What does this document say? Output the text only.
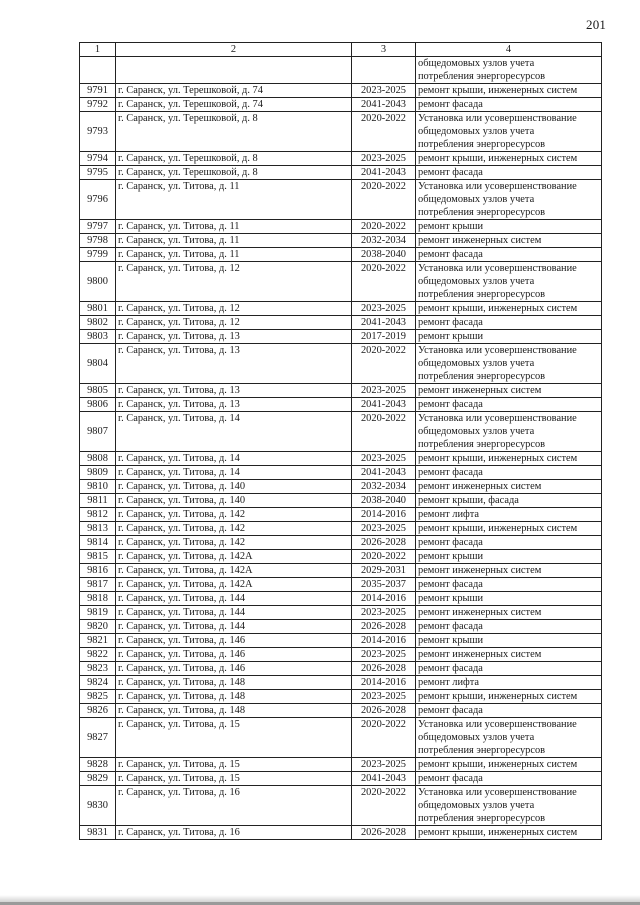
201
1	2	3	4

			общедомовых узлов учета
потребления энергоресурсов

9791	г. Саранск, ул. Терешковой, д. 74	2023-2025	ремонт крыши, инженерных систем

9792	г. Саранск, ул. Терешковой, д. 74	2041-2043	ремонт фасада

9793	г. Саранск, ул. Терешковой, д. 8	2020-2022	Установка или усовершенствование
общедомовых узлов учета
потребления энергоресурсов

9794	г. Саранск, ул. Терешковой, д. 8	2023-2025	ремонт крыши, инженерных систем

9795	г. Саранск, ул. Терешковой, д. 8	2041-2043	ремонт фасада

9796	г. Саранск, ул. Титова, д. 11	2020-2022	Установка или усовершенствование
общедомовых узлов учета
потребления энергоресурсов

9797	г. Саранск, ул. Титова, д. 11	2020-2022	ремонт крыши

9798	г. Саранск, ул. Титова, д. 11	2032-2034	ремонт инженерных систем

9799	г. Саранск, ул. Титова, д. 11	2038-2040	ремонт фасада

9800	г. Саранск, ул. Титова, д. 12	2020-2022	Установка или усовершенствование
общедомовых узлов учета
потребления энергоресурсов

9801	г. Саранск, ул. Титова, д. 12	2023-2025	ремонт крыши, инженерных систем

9802	г. Саранск, ул. Титова, д. 12	2041-2043	ремонт фасада

9803	г. Саранск, ул. Титова, д. 13	2017-2019	ремонт крыши

9804	г. Саранск, ул. Титова, д. 13	2020-2022	Установка или усовершенствование
общедомовых узлов учета
потребления энергоресурсов

9805	г. Саранск, ул. Титова, д. 13	2023-2025	ремонт инженерных систем

9806	г. Саранск, ул. Титова, д. 13	2041-2043	ремонт фасада

9807	г. Саранск, ул. Титова, д. 14	2020-2022	Установка или усовершенствование
общедомовых узлов учета
потребления энергоресурсов

9808	г. Саранск, ул. Титова, д. 14	2023-2025	ремонт крыши, инженерных систем

9809	г. Саранск, ул. Титова, д. 14	2041-2043	ремонт фасада

9810	г. Саранск, ул. Титова, д. 140	2032-2034	ремонт инженерных систем

9811	г. Саранск, ул. Титова, д. 140	2038-2040	ремонт крыши, фасада

9812	г. Саранск, ул. Титова, д. 142	2014-2016	ремонт лифта

9813	г. Саранск, ул. Титова, д. 142	2023-2025	ремонт крыши, инженерных систем

9814	г. Саранск, ул. Титова, д. 142	2026-2028	ремонт фасада

9815	г. Саранск, ул. Титова, д. 142А	2020-2022	ремонт крыши

9816	г. Саранск, ул. Титова, д. 142А	2029-2031	ремонт инженерных систем

9817	г. Саранск, ул. Титова, д. 142А	2035-2037	ремонт фасада

9818	г. Саранск, ул. Титова, д. 144	2014-2016	ремонт крыши

9819	г. Саранск, ул. Титова, д. 144	2023-2025	ремонт инженерных систем

9820	г. Саранск, ул. Титова, д. 144	2026-2028	ремонт фасада

9821	г. Саранск, ул. Титова, д. 146	2014-2016	ремонт крыши

9822	г. Саранск, ул. Титова, д. 146	2023-2025	ремонт инженерных систем

9823	г. Саранск, ул. Титова, д. 146	2026-2028	ремонт фасада

9824	г. Саранск, ул. Титова, д. 148	2014-2016	ремонт лифта

9825	г. Саранск, ул. Титова, д. 148	2023-2025	ремонт крыши, инженерных систем

9826	г. Саранск, ул. Титова, д. 148	2026-2028	ремонт фасада

9827	г. Саранск, ул. Титова, д. 15	2020-2022	Установка или усовершенствование
общедомовых узлов учета
потребления энергоресурсов

9828	г. Саранск, ул. Титова, д. 15	2023-2025	ремонт крыши, инженерных систем

9829	г. Саранск, ул. Титова, д. 15	2041-2043	ремонт фасада

9830	г. Саранск, ул. Титова, д. 16	2020-2022	Установка или усовершенствование
общедомовых узлов учета
потребления энергоресурсов

9831	г. Саранск, ул. Титова, д. 16	2026-2028	ремонт крыши, инженерных систем
